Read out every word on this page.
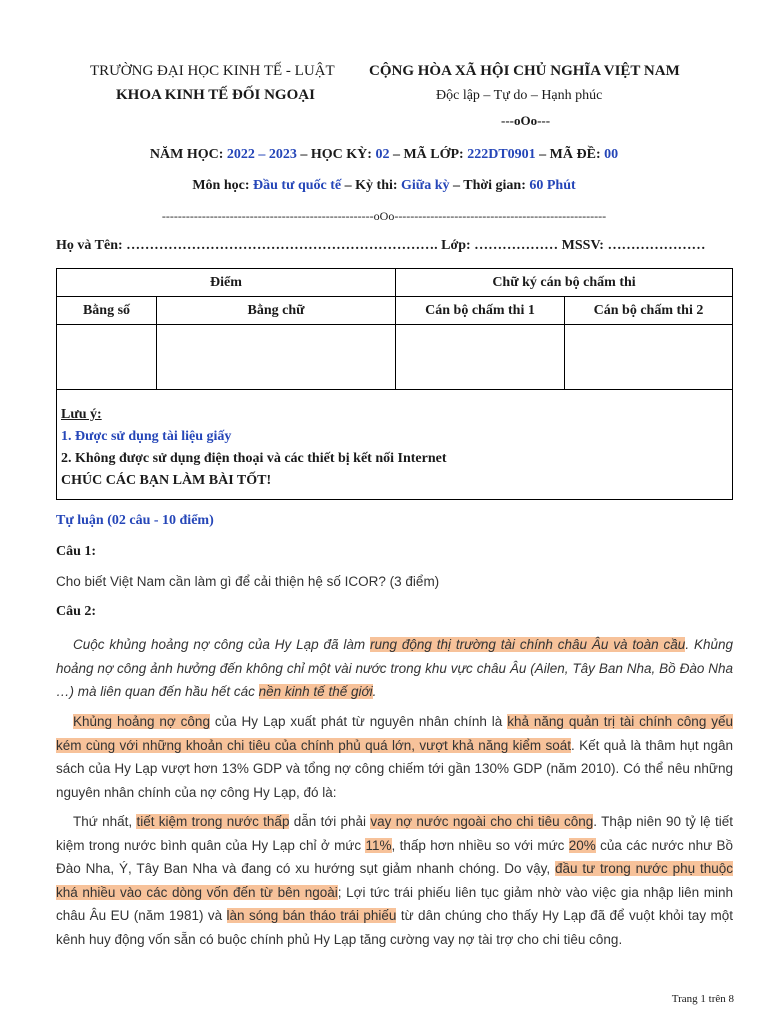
TRƯỜNG ĐẠI HỌC KINH TẾ - LUẬT
KHOA KINH TẾ ĐỐI NGOẠI
CỘNG HÒA XÃ HỘI CHỦ NGHĨA VIỆT NAM
Độc lập – Tự do – Hạnh phúc
---oOo---
NĂM HỌC: 2022 – 2023 – HỌC KỲ: 02 – MÃ LỚP: 222DT0901 – MÃ ĐỀ: 00
Môn học: Đầu tư quốc tế – Kỳ thi: Giữa kỳ – Thời gian: 60 Phút
-----------------------------------------------------oOo-----------------------------------------------------
Họ và Tên: …………………………………………………………. Lớp: ……………… MSSV: …………………
Điểm		Chữ ký cán bộ chấm thi	
Bằng số	Bằng chữ	Cán bộ chấm thi 1	Cán bộ chấm thi 2

Lưu ý:
1. Được sử dụng tài liệu giấy
2. Không được sử dụng điện thoại và các thiết bị kết nối Internet
CHÚC CÁC BẠN LÀM BÀI TỐT!			
Tự luận (02 câu - 10 điểm)
Câu 1:
Cho biết Việt Nam cần làm gì để cải thiện hệ số ICOR? (3 điểm)
Câu 2:
Cuộc khủng hoảng nợ công của Hy Lạp đã làm rung động thị trường tài chính châu Âu và toàn cầu. Khủng hoảng nợ công ảnh hưởng đến không chỉ một vài nước trong khu vực châu Âu (Ailen, Tây Ban Nha, Bồ Đào Nha …) mà liên quan đến hầu hết các nền kinh tế thế giới.
Khủng hoảng nợ công của Hy Lạp xuất phát từ nguyên nhân chính là khả năng quản trị tài chính công yếu kém cùng với những khoản chi tiêu của chính phủ quá lớn, vượt khả năng kiểm soát. Kết quả là thâm hụt ngân sách của Hy Lạp vượt hơn 13% GDP và tổng nợ công chiếm tới gần 130% GDP (năm 2010). Có thể nêu những nguyên nhân chính của nợ công Hy Lạp, đó là:
Thứ nhất, tiết kiệm trong nước thấp dẫn tới phải vay nợ nước ngoài cho chi tiêu công. Thập niên 90 tỷ lệ tiết kiệm trong nước bình quân của Hy Lạp chỉ ở mức 11%, thấp hơn nhiều so với mức 20% của các nước như Bồ Đào Nha, Ý, Tây Ban Nha và đang có xu hướng sụt giảm nhanh chóng. Do vậy, đầu tư trong nước phụ thuộc khá nhiều vào các dòng vốn đến từ bên ngoài; Lợi tức trái phiếu liên tục giảm nhờ vào việc gia nhập liên minh châu Âu EU (năm 1981) và làn sóng bán tháo trái phiếu từ dân chúng cho thấy Hy Lạp đã để vuột khỏi tay một kênh huy động vốn sẵn có buộc chính phủ Hy Lạp tăng cường vay nợ tài trợ cho chi tiêu công.
Trang 1 trên 8
